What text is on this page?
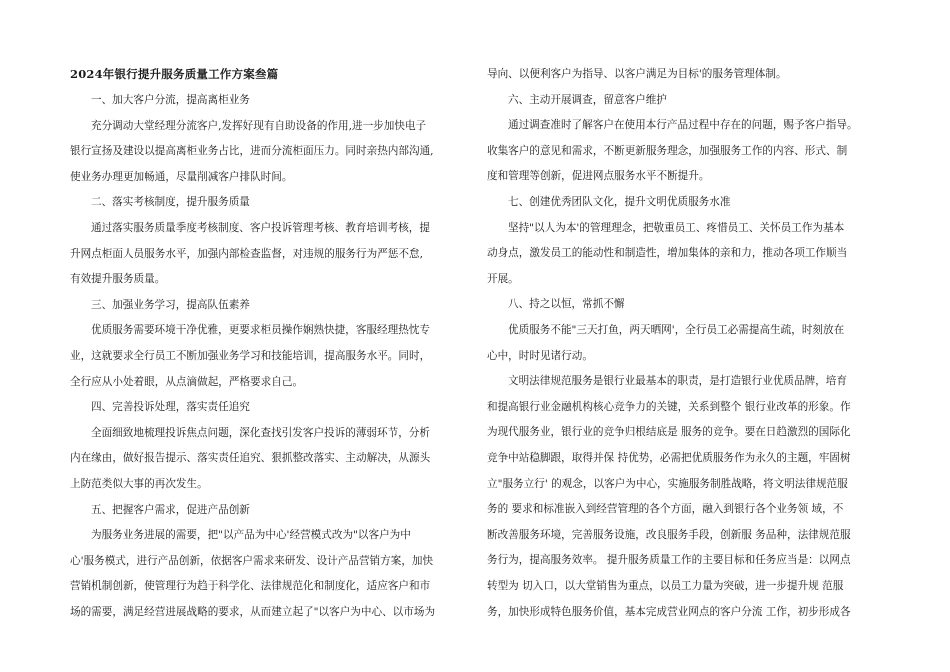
2024年银行提升服务质量工作方案叁篇

一、加大客户分流，提高离柜业务

充分调动大堂经理分流客户,发挥好现有自助设备的作用,进一步加快电子

银行宣扬及建设以提高离柜业务占比，进而分流柜面压力。同时亲热内部沟通,

使业务办理更加畅通，尽量削减客户排队时间。

二、落实考核制度，提升服务质量

通过落实服务质量季度考核制度、客户投诉管理考核、教育培训考核，提

升网点柜面人员服务水平，加强内部检查监督，对违规的服务行为严惩不怠,

有效提升服务质量。

三、加强业务学习，提高队伍素养

优质服务需要环境干净优雅，更要求柜员操作娴熟快捷，客服经理热忱专

业，这就要求全行员工不断加强业务学习和技能培训，提高服务水平。同时，

全行应从小处着眼，从点滴做起，严格要求自己。

四、完善投诉处理，落实责任追究

全面细致地梳理投诉焦点问题，深化查找引发客户投诉的薄弱环节，分析

内在缘由，做好报告提示、落实责任追究、狠抓整改落实、主动解决，从源头

上防范类似大事的再次发生。

五、把握客户需求，促进产品创新

为服务业务进展的需要，把"以产品为中心'经营模式改为"以客户为中

心'服务模式，进行产品创新，依据客户需求来研发、设计产品营销方案，加快

营销机制创新，使管理行为趋于科学化、法律规范化和制度化，适应客户和市

场的需要，满足经营进展战略的要求，从而建立起了"以客户为中心、以市场为

导向、以便利客户为指导、以客户满足为目标'的服务管理体制。

六、主动开展调查，留意客户维护

通过调查准时了解客户在使用本行产品过程中存在的问题，赐予客户指导。

收集客户的意见和需求，不断更新服务理念，加强服务工作的内容、形式、制

度和管理等创新，促进网点服务水平不断提升。

七、创建优秀团队文化，提升文明优质服务水准

坚持"以人为本'的管理理念，把敬重员工、疼惜员工、关怀员工作为基本

动身点，激发员工的能动性和制造性，增加集体的亲和力，推动各项工作顺当

开展。

八、持之以恒，常抓不懈

优质服务不能"三天打鱼，两天晒网'，全行员工必需提高生疏，时刻放在

心中，时时见诸行动。

文明法律规范服务是银行业最基本的职责，是打造银行业优质品牌，培育

和提高银行业金融机构核心竞争力的关键，关系到整个 银行业改革的形象。作

为现代服务业，银行业的竞争归根结底是 服务的竞争。要在日趋激烈的国际化

竞争中站稳脚跟，取得并保 持优势，必需把优质服务作为永久的主题，牢固树

立"服务立行' 的观念，以客户为中心，实施服务制胜战略，将文明法律规范服

务的 要求和标准嵌入到经营管理的各个方面，融入到银行各个业务领 域，不

断改善服务环境，完善服务设施，改良服务手段，创新服 务品种，法律规范服

务行为，提高服务效率。 提升服务质量工作的主要目标和任务应当是：以网点

转型为 切入口，以大堂销售为重点，以员工力量为突破，进一步提升规 范服

务，加快形成特色服务价值，基本完成营业网点的客户分流 工作，初步形成各
